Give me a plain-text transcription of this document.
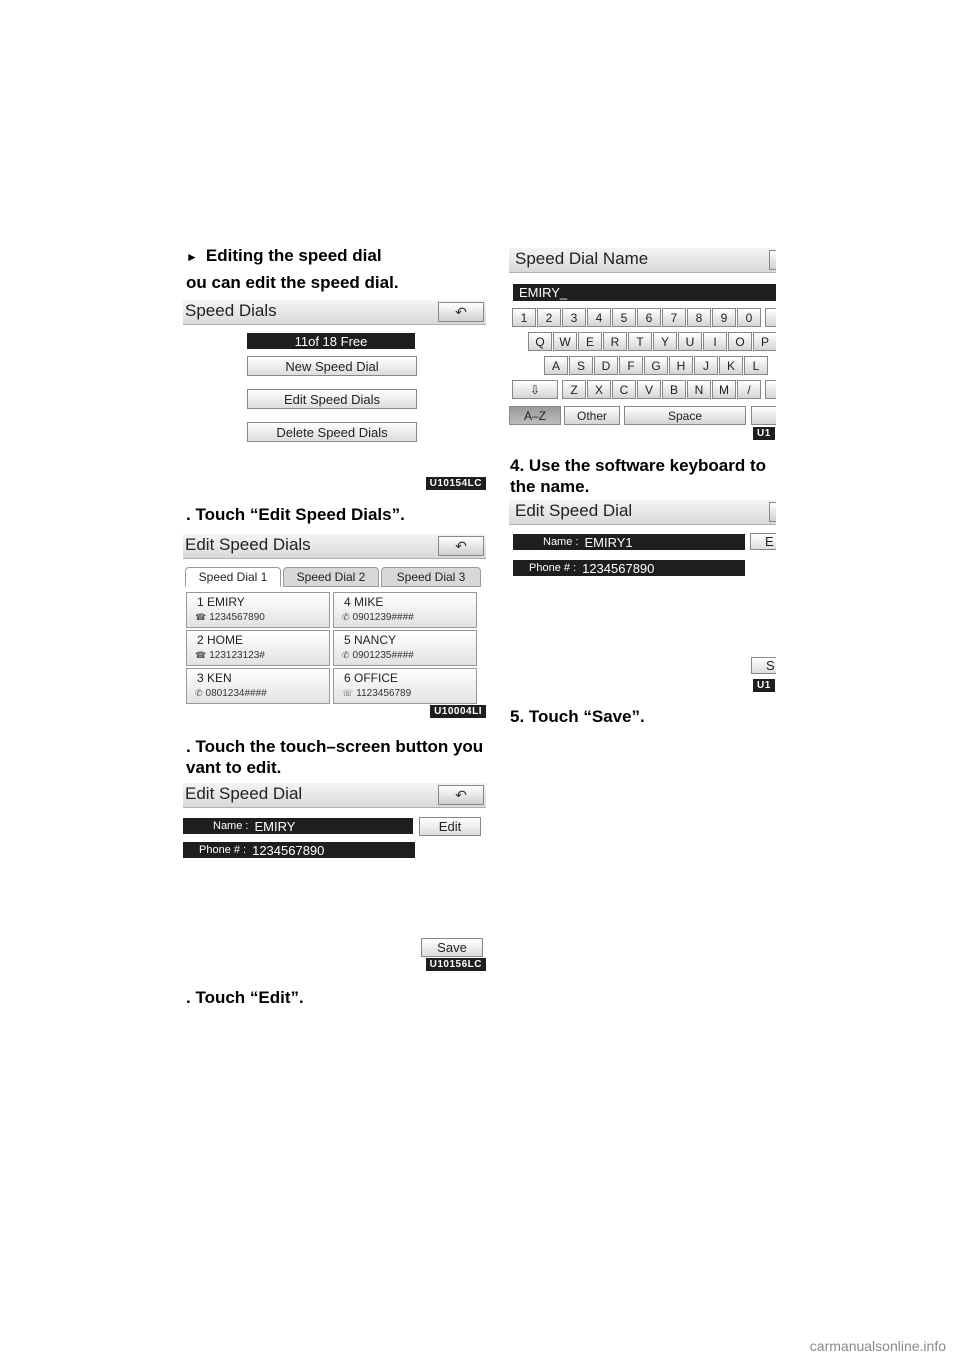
► Editing the speed dial
ou can edit the speed dial.
Speed Dials	↶
11of 18 Free
New Speed Dial
Edit Speed Dials
Delete Speed Dials
U10154LC
. Touch “Edit Speed Dials”.
Edit Speed Dials	↶
Speed Dial 1	Speed Dial 2	Speed Dial 3
1 EMIRY
☎ 1234567890
2 HOME
☎ 123123123#
3 KEN
✆ 0801234####
4 MIKE
✆ 0901239####
5 NANCY
✆ 0901235####
6 OFFICE
☏ 1123456789
U10004LI
. Touch the touch–screen button you
vant to edit.
Edit Speed Dial	↶
Name : EMIRY	Edit
Phone # : 1234567890
Save
U10156LC
. Touch “Edit”.
Speed Dial Name
EMIRY_
1	2	3	4	5	6	7	8	9	0
Q	W	E	R	T	Y	U	I	O	P
A	S	D	F	G	H	J	K	L
⇩	Z	X	C	V	B	N	M	/
A–Z	Other	Space
U1
4. Use the software keyboard to
the name.
Edit Speed Dial
Name : EMIRY1	E
Phone # : 1234567890
S
U1
5. Touch “Save”.
carmanualsonline.info
